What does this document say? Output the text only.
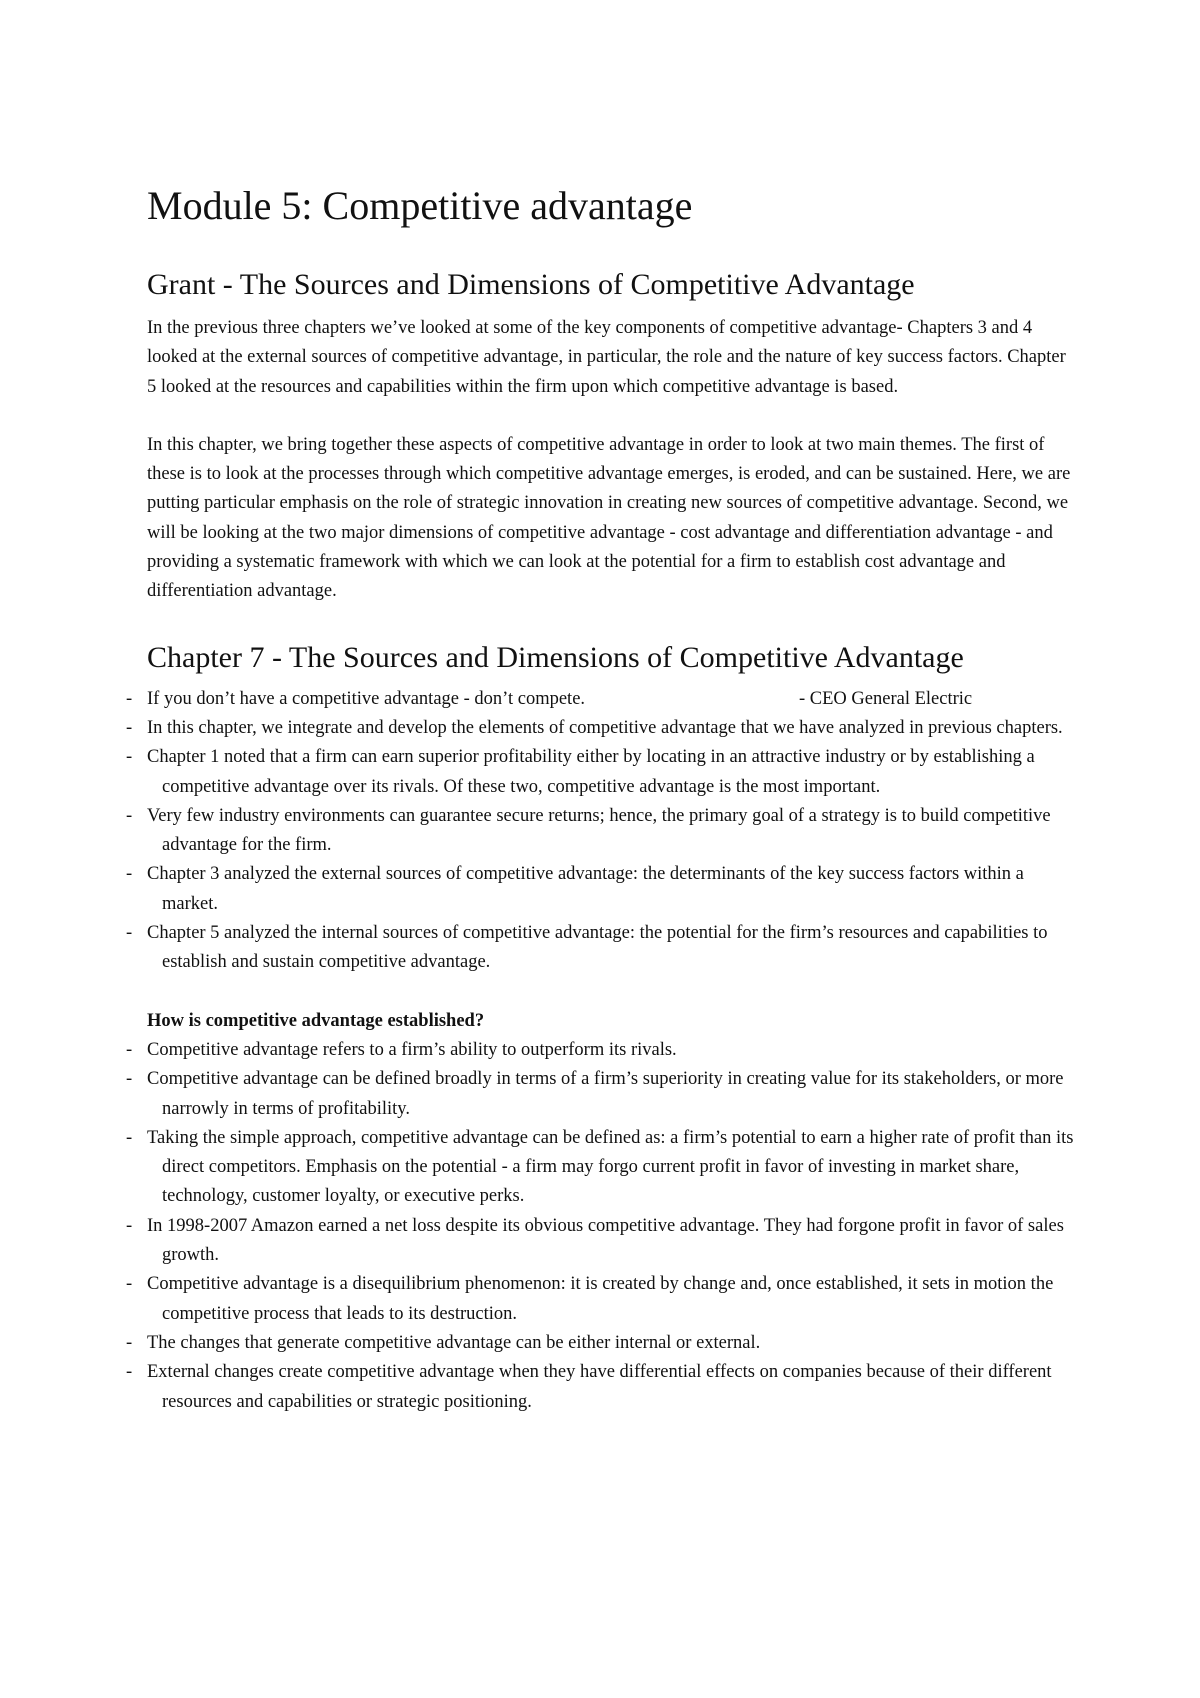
Module 5: Competitive advantage
Grant - The Sources and Dimensions of Competitive Advantage

In the previous three chapters we’ve looked at some of the key components of competitive advantage- Chapters 3 and 4 looked at the external sources of competitive advantage, in particular, the role and the nature of key success factors. Chapter 5 looked at the resources and capabilities within the firm upon which competitive advantage is based.

In this chapter, we bring together these aspects of competitive advantage in order to look at two main themes. The first of these is to look at the processes through which competitive advantage emerges, is eroded, and can be sustained. Here, we are putting particular emphasis on the role of strategic innovation in creating new sources of competitive advantage. Second, we will be looking at the two major dimensions of competitive advantage - cost advantage and differentiation advantage - and providing a systematic framework with which we can look at the potential for a firm to establish cost advantage and differentiation advantage.

Chapter 7 - The Sources and Dimensions of Competitive Advantage
- If you don’t have a competitive advantage - don’t compete.	- CEO General Electric
- In this chapter, we integrate and develop the elements of competitive advantage that we have analyzed in previous chapters.
- Chapter 1 noted that a firm can earn superior profitability either by locating in an attractive industry or by establishing a competitive advantage over its rivals. Of these two, competitive advantage is the most important.
- Very few industry environments can guarantee secure returns; hence, the primary goal of a strategy is to build competitive advantage for the firm.
- Chapter 3 analyzed the external sources of competitive advantage: the determinants of the key success factors within a market.
- Chapter 5 analyzed the internal sources of competitive advantage: the potential for the firm’s resources and capabilities to establish and sustain competitive advantage.

How is competitive advantage established?

- Competitive advantage refers to a firm’s ability to outperform its rivals.
- Competitive advantage can be defined broadly in terms of a firm’s superiority in creating value for its stakeholders, or more narrowly in terms of profitability.
- Taking the simple approach, competitive advantage can be defined as: a firm’s potential to earn a higher rate of profit than its direct competitors. Emphasis on the potential - a firm may forgo current profit in favor of investing in market share, technology, customer loyalty, or executive perks.
- In 1998-2007 Amazon earned a net loss despite its obvious competitive advantage. They had forgone profit in favor of sales growth.
- Competitive advantage is a disequilibrium phenomenon: it is created by change and, once established, it sets in motion the competitive process that leads to its destruction.
- The changes that generate competitive advantage can be either internal or external.
- External changes create competitive advantage when they have differential effects on companies because of their different resources and capabilities or strategic positioning.
